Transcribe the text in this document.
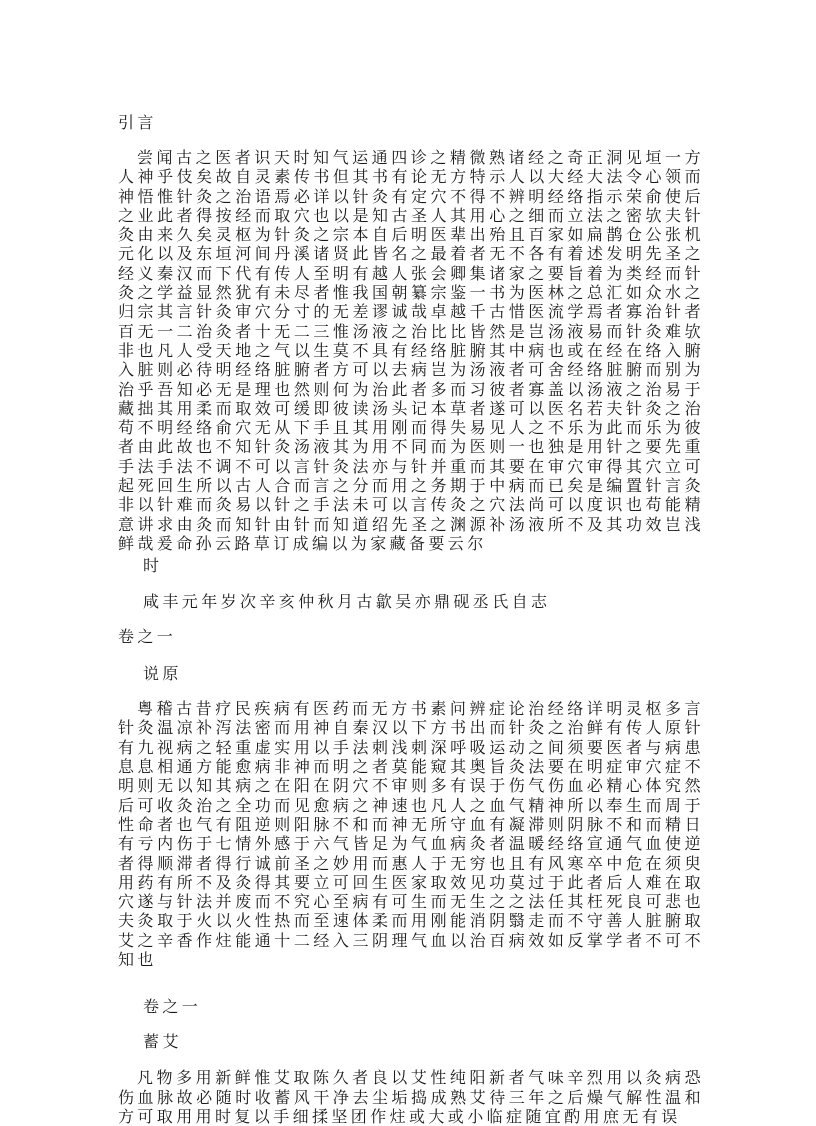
引言

尝闻古之医者识天时知气运通四诊之精微熟诸经之奇正洞见垣一方人神乎伎矣故自灵素传书但其书有论无方特示人以大经大法令心领而神悟惟针灸之治语焉必详以针灸有定穴不得不辨明经络指示荣俞使后之业此者得按经而取穴也以是知古圣人其用心之细而立法之密欤夫针灸由来久矣灵枢为针灸之宗本自后明医辈出殆且百家如扁鹊仓公张机元化以及东垣河间丹溪诸贤此皆名之最着者无不各有着述发明先圣之经义秦汉而下代有传人至明有越人张会卿集诸家之要旨着为类经而针灸之学益显然犹有未尽者惟我国朝纂宗鉴一书为医林之总汇如众水之归宗其言针灸审穴分寸的无差谬诚哉卓越千古惜医流学焉者寡治针者百无一二治灸者十无二三惟汤液之治比比皆然是岂汤液易而针灸难欤非也凡人受天地之气以生莫不具有经络脏腑其中病也或在经在络入腑入脏则必待明经络脏腑者方可以去病岂为汤液者可舍经络脏腑而别为治乎吾知必无是理也然则何为治此者多而习彼者寡盖以汤液之治易于藏拙其用柔而取效可缓即彼读汤头记本草者遂可以医名若夫针灸之治苟不明经络俞穴无从下手且其用刚而得失易见人之不乐为此而乐为彼者由此故也不知针灸汤液其为用不同而为医则一也独是用针之要先重手法手法不调不可以言针灸法亦与针并重而其要在审穴审得其穴立可起死回生所以古人合而言之分而用之务期于中病而已矣是编置针言灸非以针难而灸易以针之手法未可以言传灸之穴法尚可以度识也苟能精意讲求由灸而知针由针而知道绍先圣之渊源补汤液所不及其功效岂浅鲜哉爰命孙云路草订成编以为家藏备要云尔

时

咸丰元年岁次辛亥仲秋月古歙吴亦鼎砚丞氏自志

卷之一

说原

粤稽古昔疗民疾病有医药而无方书素问辨症论治经络详明灵枢多言针灸温凉补泻法密而用神自秦汉以下方书出而针灸之治鲜有传人原针有九视病之轻重虚实用以手法刺浅刺深呼吸运动之间须要医者与病患息息相通方能愈病非神而明之者莫能窥其奥旨灸法要在明症审穴症不明则无以知其病之在阳在阴穴不审则多有误于伤气伤血必精心体究然后可收灸治之全功而见愈病之神速也凡人之血气精神所以奉生而周于性命者也气有阻逆则阳脉不和而神无所守血有凝滞则阴脉不和而精日有亏内伤于七情外感于六气皆足为气血病灸者温暖经络宣通气血使逆者得顺滞者得行诚前圣之妙用而惠人于无穷也且有风寒卒中危在须臾用药有所不及灸得其要立可回生医家取效见功莫过于此者后人难在取穴遂与针法并废而不究心至病有可生而无生之之法任其枉死良可悲也夫灸取于火以火性热而至速体柔而用刚能消阴翳走而不守善人脏腑取艾之辛香作炷能通十二经入三阴理气血以治百病效如反掌学者不可不知也

卷之一

蓄艾

凡物多用新鲜惟艾取陈久者良以艾性纯阳新者气味辛烈用以灸病恐伤血脉故必随时收蓄风干净去尘垢捣成熟艾待三年之后燥气解性温和方可取用用时复以手细揉坚团作炷或大或小临症随宜酌用庶无有误
